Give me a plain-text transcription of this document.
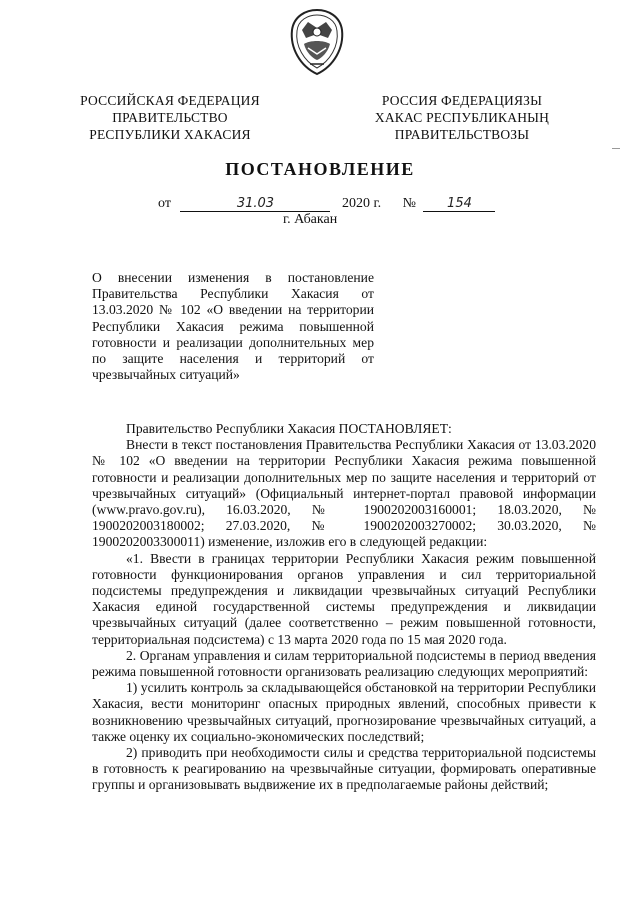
РОССИЙСКАЯ ФЕДЕРАЦИЯ
ПРАВИТЕЛЬСТВО
РЕСПУБЛИКИ ХАКАСИЯ
РОССИЯ ФЕДЕРАЦИЯЗЫ
ХАКАС РЕСПУБЛИКАНЫҢ
ПРАВИТЕЛЬСТВОЗЫ
ПОСТАНОВЛЕНИЕ
от	31.03	2020 г. № 154
г. Абакан

О внесении изменения в постановление Правительства Республики Хакасия от 13.03.2020 № 102 «О введении на территории Республики Хакасия режима повышенной готовности и реализации дополнительных мер по защите населения и территорий от чрезвычайных ситуаций»

Правительство Республики Хакасия ПОСТАНОВЛЯЕТ:

Внести в текст постановления Правительства Республики Хакасия от 13.03.2020 № 102 «О введении на территории Республики Хакасия режима повышенной готовности и реализации дополнительных мер по защите населения и территорий от чрезвычайных ситуаций» (Официальный интернет-портал правовой информации (www.pravo.gov.ru), 16.03.2020, № 1900202003160001; 18.03.2020, № 1900202003180002; 27.03.2020, № 1900202003270002; 30.03.2020, № 1900202003300011) изменение, изложив его в следующей редакции:

«1. Ввести в границах территории Республики Хакасия режим повышенной готовности функционирования органов управления и сил территориальной подсистемы предупреждения и ликвидации чрезвычайных ситуаций Республики Хакасия единой государственной системы предупреждения и ликвидации чрезвычайных ситуаций (далее соответственно – режим повышенной готовности, территориальная подсистема) с 13 марта 2020 года по 15 мая 2020 года.

2. Органам управления и силам территориальной подсистемы в период введения режима повышенной готовности организовать реализацию следующих мероприятий:

1) усилить контроль за складывающейся обстановкой на территории Республики Хакасия, вести мониторинг опасных природных явлений, способных привести к возникновению чрезвычайных ситуаций, прогнозирование чрезвычайных ситуаций, а также оценку их социально-экономических последствий;

2) приводить при необходимости силы и средства территориальной подсистемы в готовность к реагированию на чрезвычайные ситуации, формировать оперативные группы и организовывать выдвижение их в предполагаемые районы действий;
